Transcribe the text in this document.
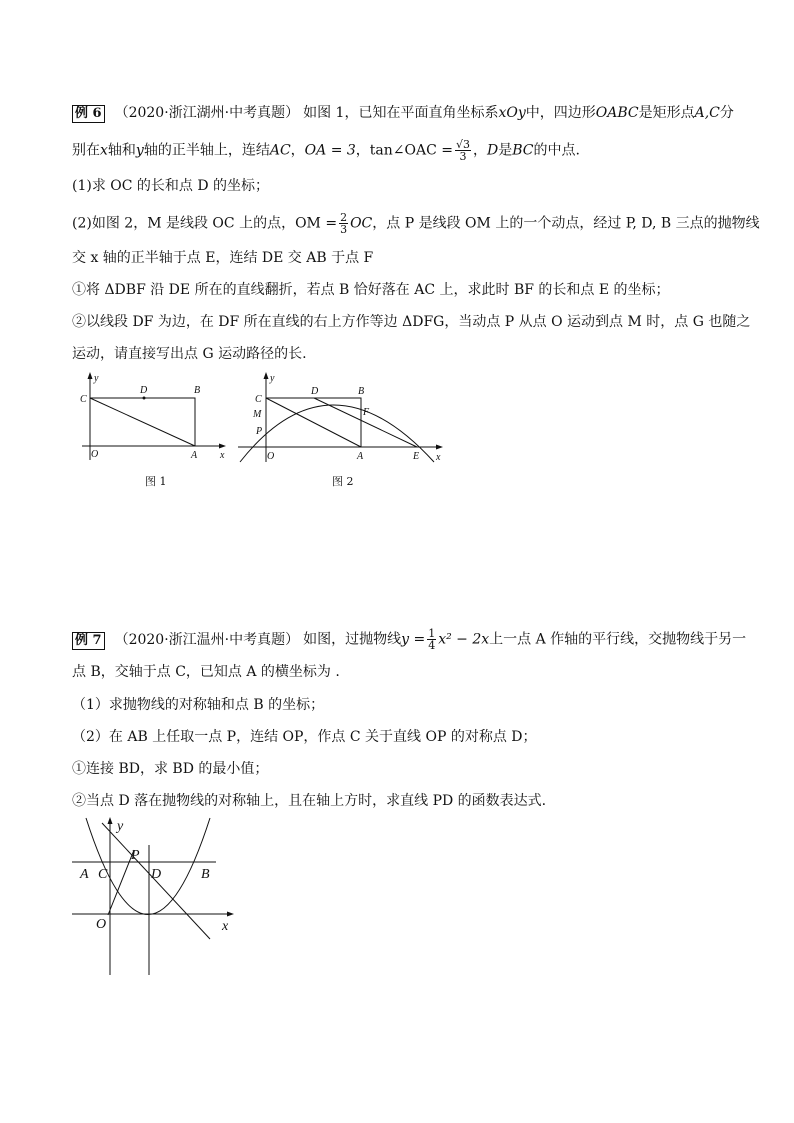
例 6 （2020·浙江湖州·中考真题） 如图 1，已知在平面直角坐标系xOy中，四边形OABC是矩形点A,C分
别在x轴和y轴的正半轴上，连结AC，OA = 3，tan∠OAC = $\frac{√3}{3}$ ，D是BC的中点.
(1)求 OC 的长和点 D 的坐标；
(2)如图 2，M 是线段 OC 上的点，OM = $\frac{2}{3}$ OC，点 P 是线段 OM 上的一个动点，经过 P, D, B 三点的抛物线
交 x 轴的正半轴于点 E，连结 DE 交 AB 于点 F
①将 ΔDBF 沿 DE 所在的直线翻折，若点 B 恰好落在 AC 上，求此时 BF 的长和点 E 的坐标；
②以线段 DF 为边，在 DF 所在直线的右上方作等边 ΔDFG，当动点 P 从点 O 运动到点 M 时，点 G 也随之
运动，请直接写出点 G 运动路径的长.
y
x
C
D	B
O	A
图 1
y
x
C
M
P
D	B
F
O	A	E
图 2
例 7 （2020·浙江温州·中考真题） 如图，过抛物线$y = \frac{1}{4} x^2 - 2x$上一点 A 作轴的平行线，交抛物线于另一
点 B，交轴于点 C，已知点 A 的横坐标为 .
（1）求抛物线的对称轴和点 B 的坐标；
（2）在 AB 上任取一点 P，连结 OP，作点 C 关于直线 OP 的对称点 D；
①连接 BD，求 BD 的最小值；
②当点 D 落在抛物线的对称轴上，且在轴上方时，求直线 PD 的函数表达式.
y
x
P
A C	D	B
O
